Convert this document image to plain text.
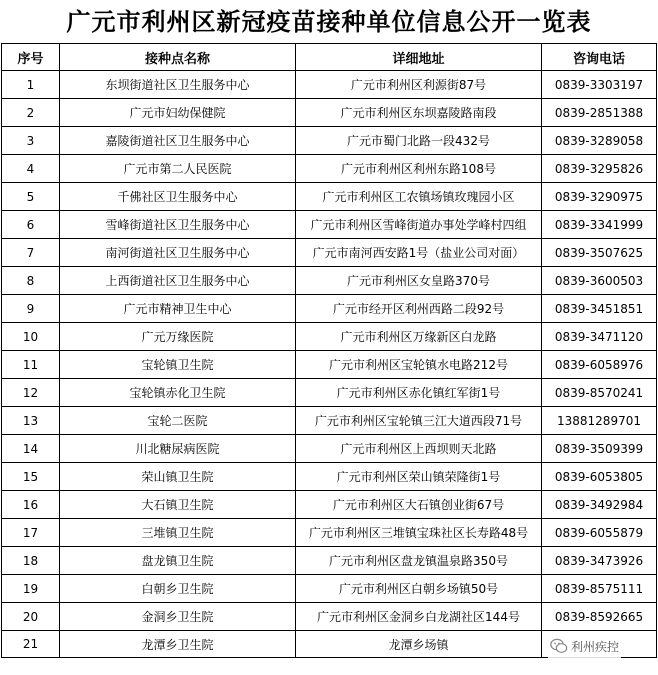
广元市利州区新冠疫苗接种单位信息公开一览表
序号	接种点名称	详细地址	咨询电话
1	东坝街道社区卫生服务中心	广元市利州区利源街87号	0839-3303197
2	广元市妇幼保健院	广元市利州区东坝嘉陵路南段	0839-2851388
3	嘉陵街道社区卫生服务中心	广元市蜀门北路一段432号	0839-3289058
4	广元市第二人民医院	广元市利州区利州东路108号	0839-3295826
5	千佛社区卫生服务中心	广元市利州区工农镇场镇玫瑰园小区	0839-3290975
6	雪峰街道社区卫生服务中心	广元市利州区雪峰街道办事处学峰村四组	0839-3341999
7	南河街道社区卫生服务中心	广元市南河西安路1号（盐业公司对面）	0839-3507625
8	上西街道社区卫生服务中心	广元市利州区女皇路370号	0839-3600503
9	广元市精神卫生中心	广元市经开区利州西路二段92号	0839-3451851
10	广元万缘医院	广元市利州区万缘新区白龙路	0839-3471120
11	宝轮镇卫生院	广元市利州区宝轮镇水电路212号	0839-6058976
12	宝轮镇赤化卫生院	广元市利州区赤化镇红军街1号	0839-8570241
13	宝轮二医院	广元市利州区宝轮镇三江大道西段71号	13881289701
14	川北糖尿病医院	广元市利州区上西坝则天北路	0839-3509399
15	荣山镇卫生院	广元市利州区荣山镇荣隆街1号	0839-6053805
16	大石镇卫生院	广元市利州区大石镇创业街67号	0839-3492984
17	三堆镇卫生院	广元市利州区三堆镇宝珠社区长寿路48号	0839-6055879
18	盘龙镇卫生院	广元市利州区盘龙镇温泉路350号	0839-3473926
19	白朝乡卫生院	广元市利州区白朝乡场镇50号	0839-8575111
20	金洞乡卫生院	广元市利州区金洞乡白龙湖社区144号	0839-8592665
21	龙潭乡卫生院	龙潭乡场镇		利州疾控
